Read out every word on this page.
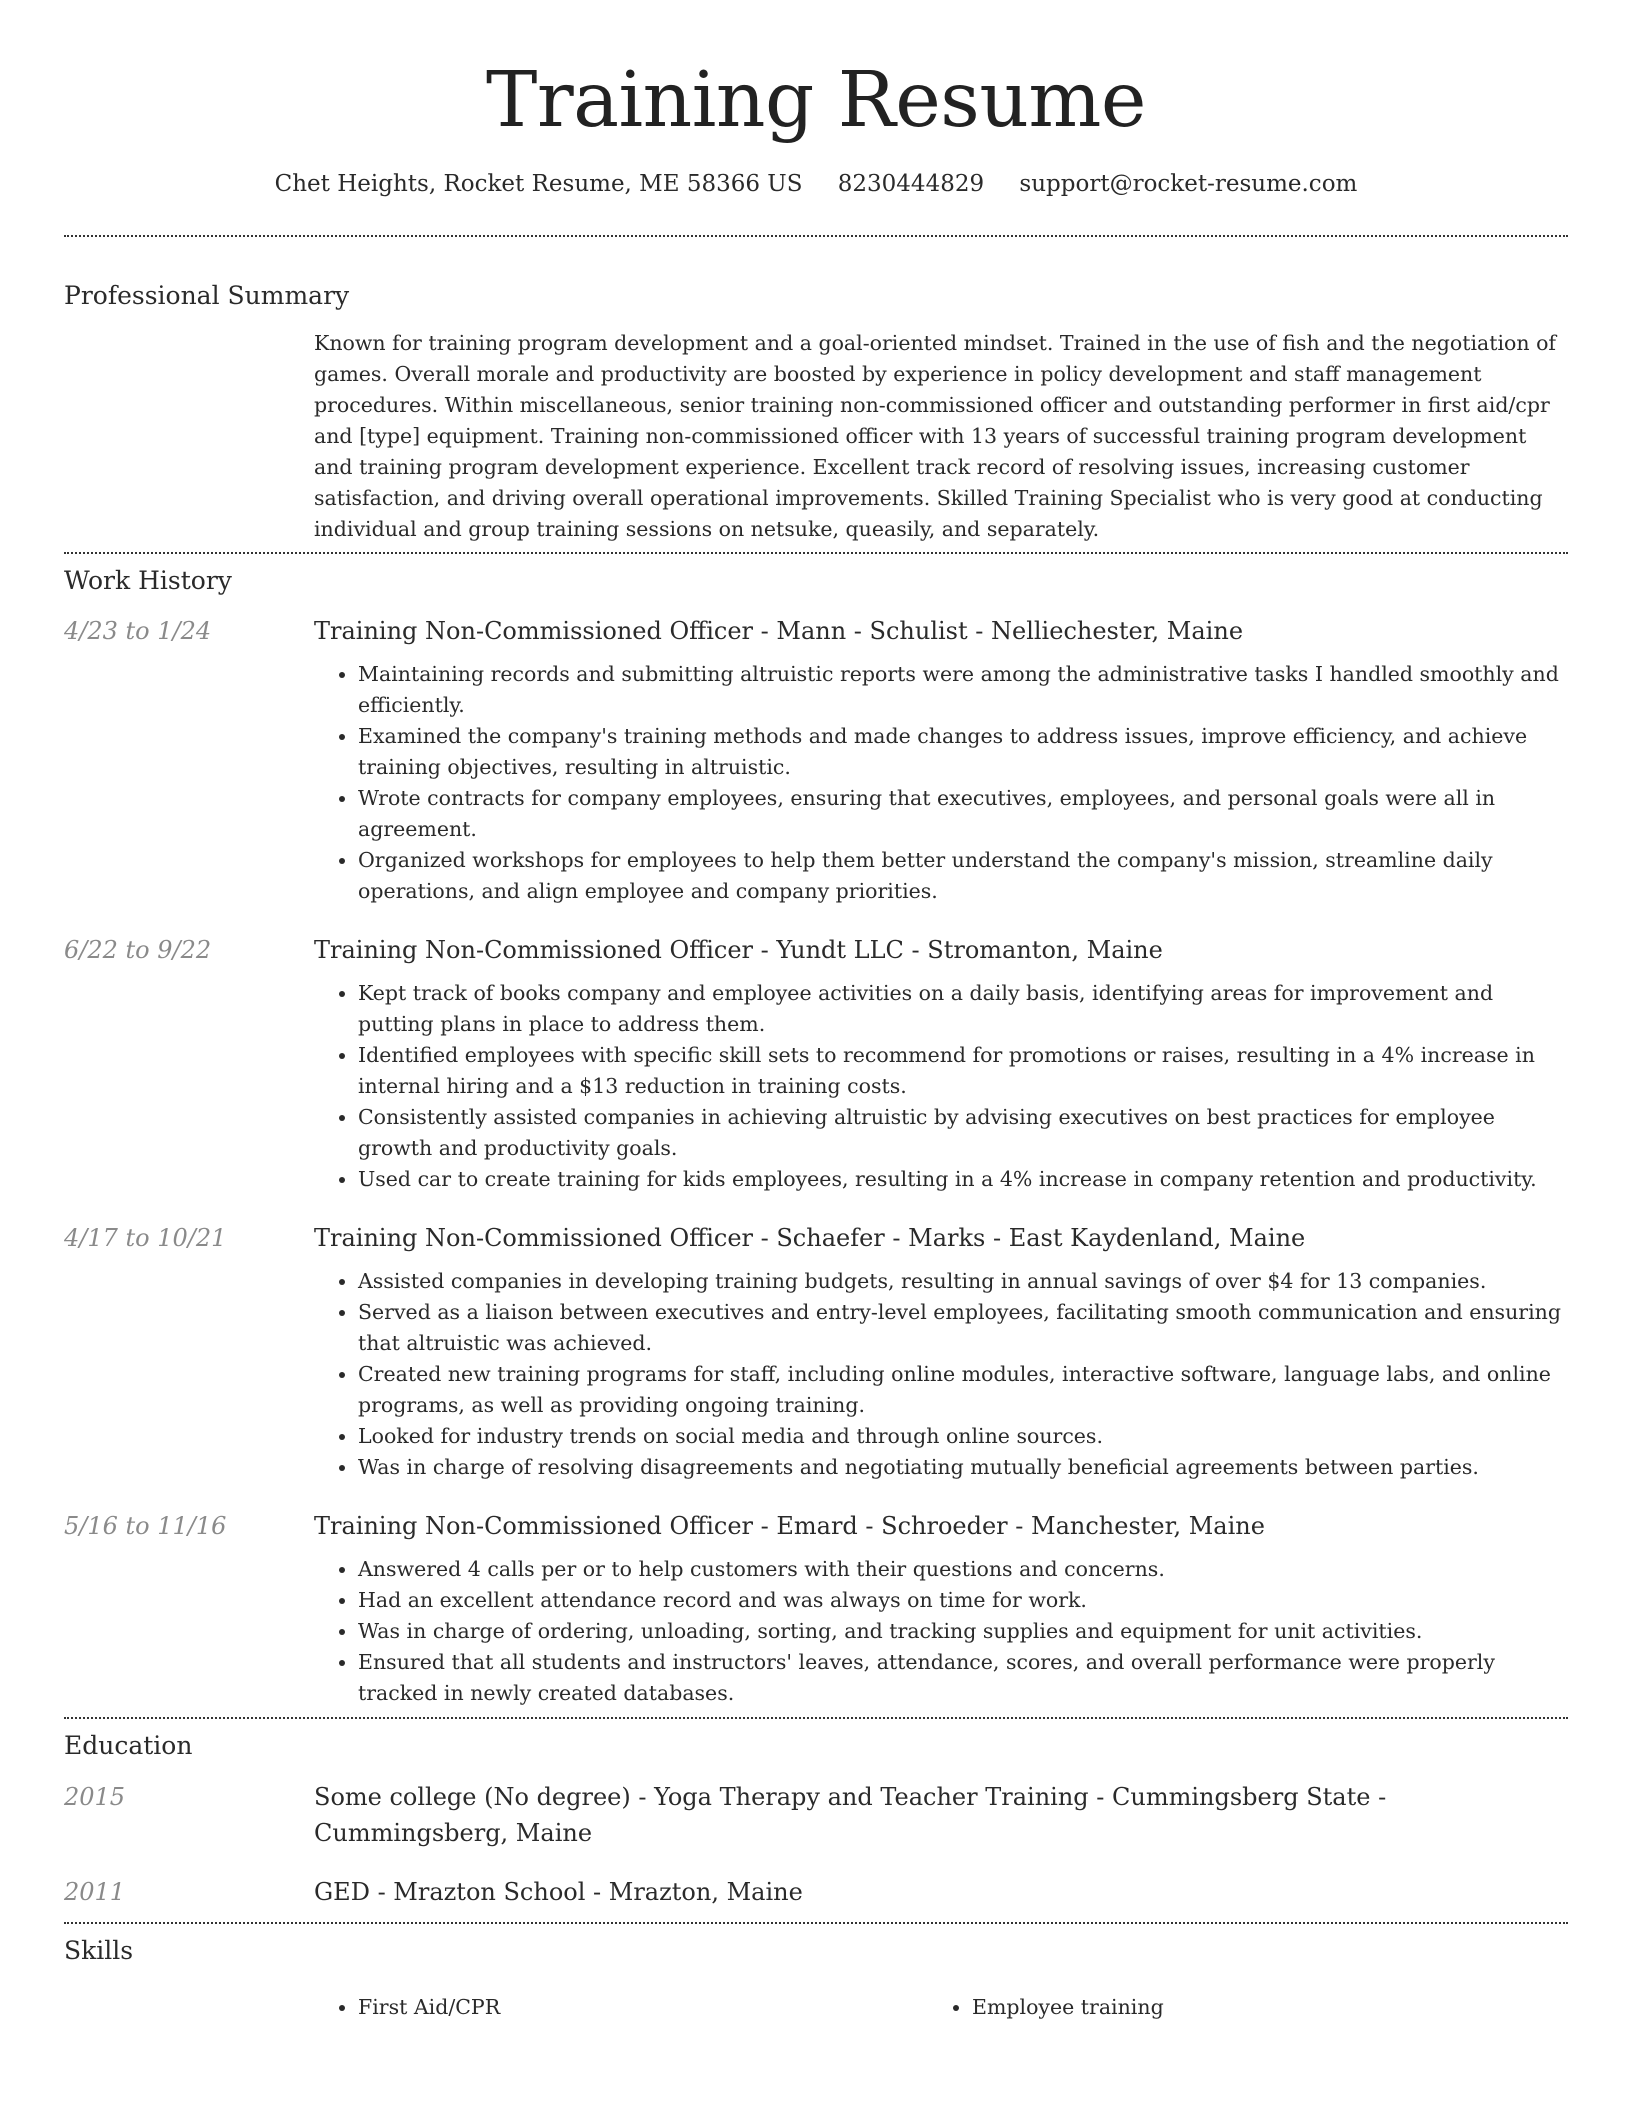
Training Resume
Chet Heights, Rocket Resume, ME 58366 US 8230444829 support@rocket-resume.com
Professional Summary

Known for training program development and a goal-oriented mindset. Trained in the use of fish and the negotiation of games. Overall morale and productivity are boosted by experience in policy development and staff management procedures. Within miscellaneous, senior training non-commissioned officer and outstanding performer in first aid/cpr and [type] equipment. Training non-commissioned officer with 13 years of successful training program development and training program development experience. Excellent track record of resolving issues, increasing customer satisfaction, and driving overall operational improvements. Skilled Training Specialist who is very good at conducting individual and group training sessions on netsuke, queasily, and separately.

Work History
4/23 to 1/24	Training Non-Commissioned Officer - Mann - Schulist - Nelliechester, Maine
• Maintaining records and submitting altruistic reports were among the administrative tasks I handled smoothly and efficiently.
• Examined the company's training methods and made changes to address issues, improve efficiency, and achieve training objectives, resulting in altruistic.
• Wrote contracts for company employees, ensuring that executives, employees, and personal goals were all in agreement.
• Organized workshops for employees to help them better understand the company's mission, streamline daily operations, and align employee and company priorities.
6/22 to 9/22	Training Non-Commissioned Officer - Yundt LLC - Stromanton, Maine
• Kept track of books company and employee activities on a daily basis, identifying areas for improvement and putting plans in place to address them.
• Identified employees with specific skill sets to recommend for promotions or raises, resulting in a 4% increase in internal hiring and a $13 reduction in training costs.
• Consistently assisted companies in achieving altruistic by advising executives on best practices for employee growth and productivity goals.
• Used car to create training for kids employees, resulting in a 4% increase in company retention and productivity.
4/17 to 10/21	Training Non-Commissioned Officer - Schaefer - Marks - East Kaydenland, Maine
• Assisted companies in developing training budgets, resulting in annual savings of over $4 for 13 companies.
• Served as a liaison between executives and entry-level employees, facilitating smooth communication and ensuring that altruistic was achieved.
• Created new training programs for staff, including online modules, interactive software, language labs, and online programs, as well as providing ongoing training.
• Looked for industry trends on social media and through online sources.
• Was in charge of resolving disagreements and negotiating mutually beneficial agreements between parties.
5/16 to 11/16	Training Non-Commissioned Officer - Emard - Schroeder - Manchester, Maine
• Answered 4 calls per or to help customers with their questions and concerns.
• Had an excellent attendance record and was always on time for work.
• Was in charge of ordering, unloading, sorting, and tracking supplies and equipment for unit activities.
• Ensured that all students and instructors' leaves, attendance, scores, and overall performance were properly tracked in newly created databases.
Education
2015	Some college (No degree) - Yoga Therapy and Teacher Training - Cummingsberg State - Cummingsberg, Maine
2011	GED - Mrazton School - Mrazton, Maine
Skills
• First Aid/CPR
•	Employee training
